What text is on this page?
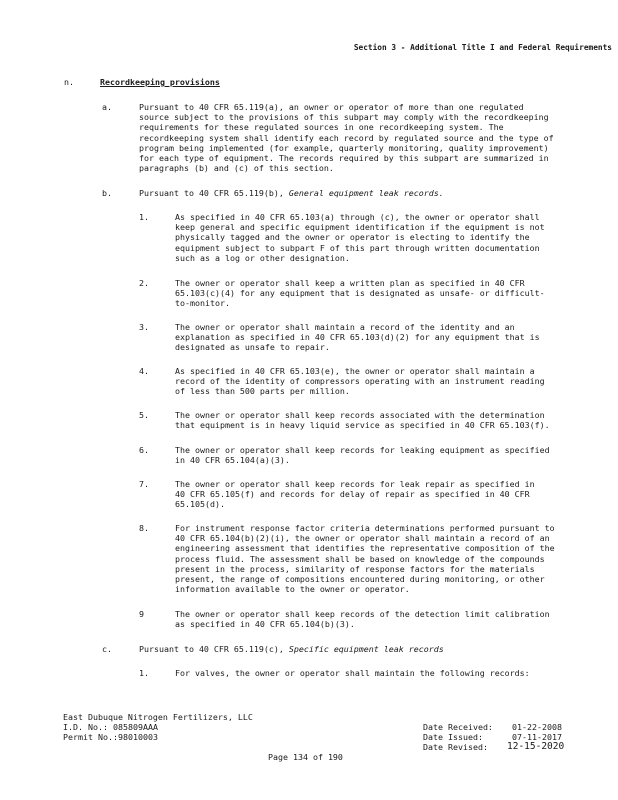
Section 3 - Additional Title I and Federal Requirements
n.	Recordkeeping provisions
a.	Pursuant to 40 CFR 65.119(a), an owner or operator of more than one regulated
source subject to the provisions of this subpart may comply with the recordkeeping
requirements for these regulated sources in one recordkeeping system. The
recordkeeping system shall identify each record by regulated source and the type of
program being implemented (for example, quarterly monitoring, quality improvement)
for each type of equipment. The records required by this subpart are summarized in
paragraphs (b) and (c) of this section.
b.	Pursuant to 40 CFR 65.119(b), General equipment leak records.
1.	As specified in 40 CFR 65.103(a) through (c), the owner or operator shall
keep general and specific equipment identification if the equipment is not
physically tagged and the owner or operator is electing to identify the
equipment subject to subpart F of this part through written documentation
such as a log or other designation.
2.	The owner or operator shall keep a written plan as specified in 40 CFR
65.103(c)(4) for any equipment that is designated as unsafe- or difficult-
to-monitor.
3.	The owner or operator shall maintain a record of the identity and an
explanation as specified in 40 CFR 65.103(d)(2) for any equipment that is
designated as unsafe to repair.
4.	As specified in 40 CFR 65.103(e), the owner or operator shall maintain a
record of the identity of compressors operating with an instrument reading
of less than 500 parts per million.
5.	The owner or operator shall keep records associated with the determination
that equipment is in heavy liquid service as specified in 40 CFR 65.103(f).
6.	The owner or operator shall keep records for leaking equipment as specified
in 40 CFR 65.104(a)(3).
7.	The owner or operator shall keep records for leak repair as specified in
40 CFR 65.105(f) and records for delay of repair as specified in 40 CFR
65.105(d).
8.	For instrument response factor criteria determinations performed pursuant to
40 CFR 65.104(b)(2)(i), the owner or operator shall maintain a record of an
engineering assessment that identifies the representative composition of the
process fluid. The assessment shall be based on knowledge of the compounds
present in the process, similarity of response factors for the materials
present, the range of compositions encountered during monitoring, or other
information available to the owner or operator.
9	The owner or operator shall keep records of the detection limit calibration
as specified in 40 CFR 65.104(b)(3).
c.	Pursuant to 40 CFR 65.119(c), Specific equipment leak records
1.	For valves, the owner or operator shall maintain the following records:
East Dubuque Nitrogen Fertilizers, LLC
I.D. No.: 085809AAA
Permit No.: 98010003
Date Received: 01-22-2008
Date Issued:	07-11-2017
Date Revised: 12-15-2020
Page 134 of 190
